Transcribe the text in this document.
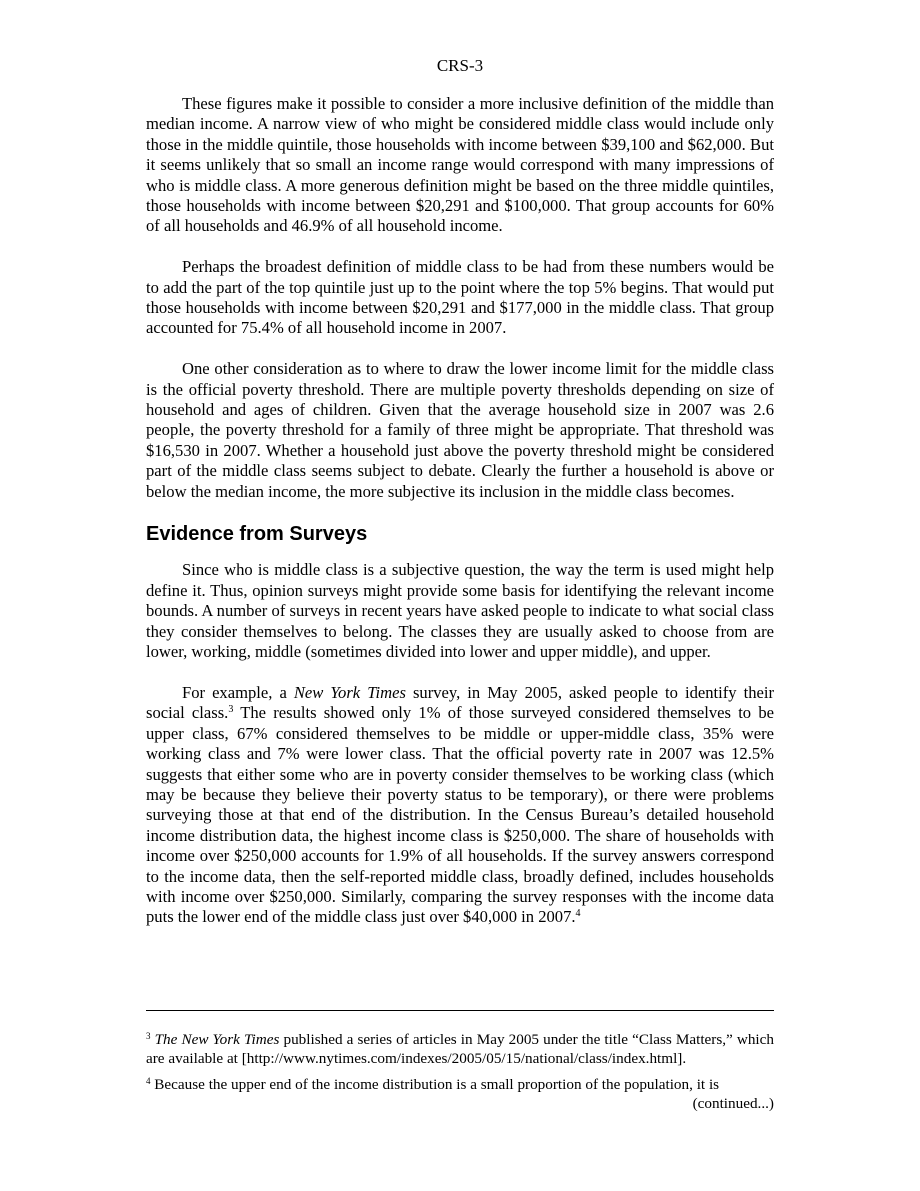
CRS-3

These figures make it possible to consider a more inclusive definition of the middle than median income. A narrow view of who might be considered middle class would include only those in the middle quintile, those households with income between $39,100 and $62,000. But it seems unlikely that so small an income range would correspond with many impressions of who is middle class. A more generous definition might be based on the three middle quintiles, those households with income between $20,291 and $100,000. That group accounts for 60% of all households and 46.9% of all household income.

Perhaps the broadest definition of middle class to be had from these numbers would be to add the part of the top quintile just up to the point where the top 5% begins. That would put those households with income between $20,291 and $177,000 in the middle class. That group accounted for 75.4% of all household income in 2007.

One other consideration as to where to draw the lower income limit for the middle class is the official poverty threshold. There are multiple poverty thresholds depending on size of household and ages of children. Given that the average household size in 2007 was 2.6 people, the poverty threshold for a family of three might be appropriate. That threshold was $16,530 in 2007. Whether a household just above the poverty threshold might be considered part of the middle class seems subject to debate. Clearly the further a household is above or below the median income, the more subjective its inclusion in the middle class becomes.

Evidence from Surveys

Since who is middle class is a subjective question, the way the term is used might help define it. Thus, opinion surveys might provide some basis for identifying the relevant income bounds. A number of surveys in recent years have asked people to indicate to what social class they consider themselves to belong. The classes they are usually asked to choose from are lower, working, middle (sometimes divided into lower and upper middle), and upper.

For example, a New York Times survey, in May 2005, asked people to identify their social class.$^3$ The results showed only 1% of those surveyed considered themselves to be upper class, 67% considered themselves to be middle or upper-middle class, 35% were working class and 7% were lower class. That the official poverty rate in 2007 was 12.5% suggests that either some who are in poverty consider themselves to be working class (which may be because they believe their poverty status to be temporary), or there were problems surveying those at that end of the distribution. In the Census Bureau’s detailed household income distribution data, the highest income class is $250,000. The share of households with income over $250,000 accounts for 1.9% of all households. If the survey answers correspond to the income data, then the self-reported middle class, broadly defined, includes households with income over $250,000. Similarly, comparing the survey responses with the income data puts the lower end of the middle class just over $40,000 in 2007.$^4$

$^3$ The New York Times published a series of articles in May 2005 under the title “Class Matters,” which are available at [http://www.nytimes.com/indexes/2005/05/15/national/class/index.html].

$^4$ Because the upper end of the income distribution is a small proportion of the population, it is

(continued...)
